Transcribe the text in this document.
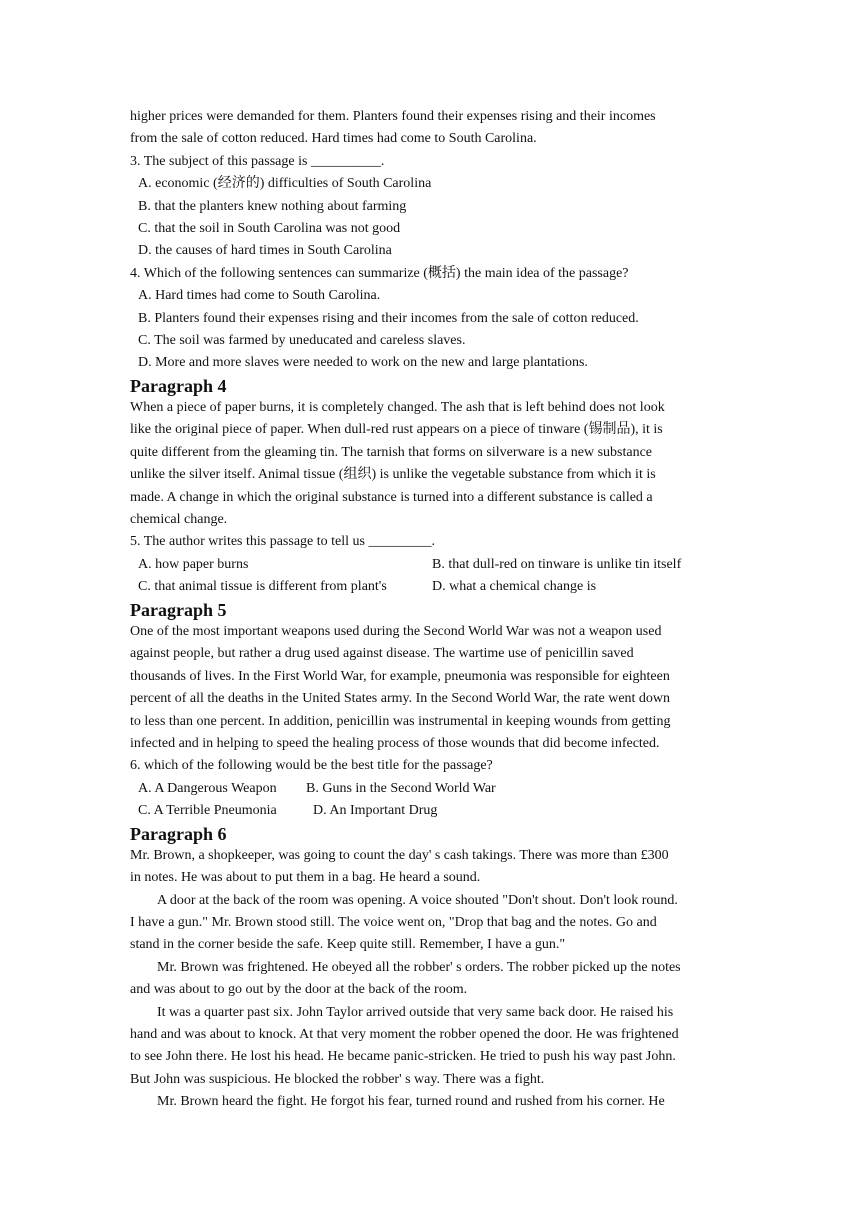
higher prices were demanded for them. Planters found their expenses rising and their incomes
from the sale of cotton reduced. Hard times had come to South Carolina.
3. The subject of this passage is __________.
A. economic (经济的) difficulties of South Carolina
B. that the planters knew nothing about farming
C. that the soil in South Carolina was not good
D. the causes of hard times in South Carolina
4. Which of the following sentences can summarize (概括) the main idea of the passage?
A. Hard times had come to South Carolina.
B. Planters found their expenses rising and their incomes from the sale of cotton reduced.
C. The soil was farmed by uneducated and careless slaves.
D. More and more slaves were needed to work on the new and large plantations.
Paragraph 4
When a piece of paper burns, it is completely changed. The ash that is left behind does not look
like the original piece of paper. When dull-red rust appears on a piece of tinware (锡制品), it is
quite different from the gleaming tin. The tarnish that forms on silverware is a new substance
unlike the silver itself. Animal tissue (组织) is unlike the vegetable substance from which it is
made. A change in which the original substance is turned into a different substance is called a
chemical change.
5. The author writes this passage to tell us _________.
A. how paper burns	B. that dull-red on tinware is unlike tin itself
C. that animal tissue is different from plant's	D. what a chemical change is
Paragraph 5
One of the most important weapons used during the Second World War was not a weapon used
against people, but rather a drug used against disease. The wartime use of penicillin saved
thousands of lives. In the First World War, for example, pneumonia was responsible for eighteen
percent of all the deaths in the United States army. In the Second World War, the rate went down
to less than one percent. In addition, penicillin was instrumental in keeping wounds from getting
infected and in helping to speed the healing process of those wounds that did become infected.
6. which of the following would be the best title for the passage?
A. A Dangerous Weapon	B. Guns in the Second World War
C. A Terrible Pneumonia	D. An Important Drug
Paragraph 6
Mr. Brown, a shopkeeper, was going to count the day' s cash takings. There was more than £300
in notes. He was about to put them in a bag. He heard a sound.
A door at the back of the room was opening. A voice shouted "Don't shout. Don't look round.
I have a gun." Mr. Brown stood still. The voice went on, "Drop that bag and the notes. Go and
stand in the corner beside the safe. Keep quite still. Remember, I have a gun."
Mr. Brown was frightened. He obeyed all the robber' s orders. The robber picked up the notes
and was about to go out by the door at the back of the room.
It was a quarter past six. John Taylor arrived outside that very same back door. He raised his
hand and was about to knock. At that very moment the robber opened the door. He was frightened
to see John there. He lost his head. He became panic-stricken. He tried to push his way past John.
But John was suspicious. He blocked the robber' s way. There was a fight.
Mr. Brown heard the fight. He forgot his fear, turned round and rushed from his corner. He
